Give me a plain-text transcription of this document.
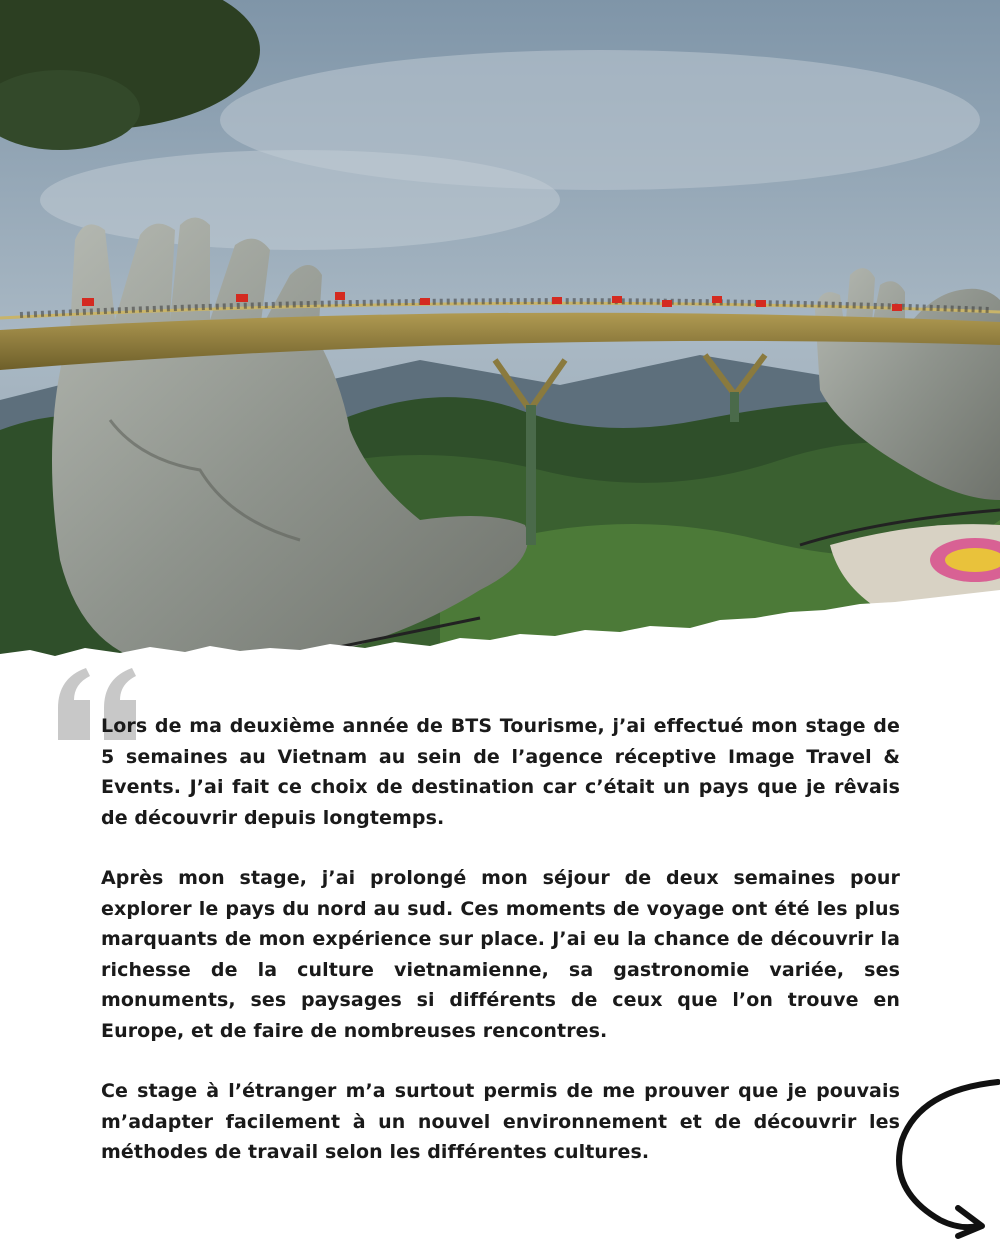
Lors de ma deuxième année de BTS Tourisme, j’ai effectué mon stage de 5 semaines au Vietnam au sein de l’agence réceptive Image Travel & Events. J’ai fait ce choix de destination car c’était un pays que je rêvais de découvrir depuis longtemps.

Après mon stage, j’ai prolongé mon séjour de deux semaines pour explorer le pays du nord au sud. Ces moments de voyage ont été les plus marquants de mon expérience sur place. J’ai eu la chance de découvrir la richesse de la culture vietnamienne, sa gastronomie variée, ses monuments, ses paysages si différents de ceux que l’on trouve en Europe, et de faire de nombreuses rencontres.

Ce stage à l’étranger m’a surtout permis de me prouver que je pouvais m’adapter facilement à un nouvel environnement et de découvrir les méthodes de travail selon les différentes cultures.
